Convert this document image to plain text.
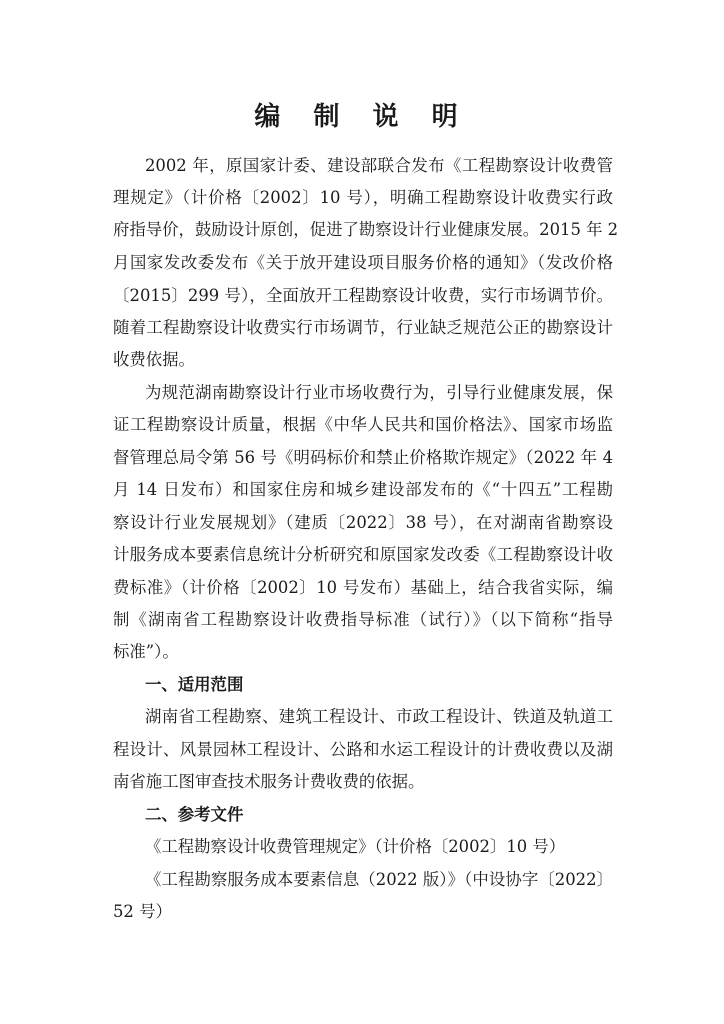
编 制 说 明
2002 年，原国家计委、建设部联合发布《工程勘察设计收费管
理规定》（计价格〔2002〕10 号），明确工程勘察设计收费实行政
府指导价，鼓励设计原创，促进了勘察设计行业健康发展。2015 年 2
月国家发改委发布《关于放开建设项目服务价格的通知》（发改价格
〔2015〕299 号），全面放开工程勘察设计收费，实行市场调节价。
随着工程勘察设计收费实行市场调节，行业缺乏规范公正的勘察设计
收费依据。
为规范湖南勘察设计行业市场收费行为，引导行业健康发展，保
证工程勘察设计质量，根据《中华人民共和国价格法》、国家市场监
督管理总局令第 56 号《明码标价和禁止价格欺诈规定》（2022 年 4
月 14 日发布）和国家住房和城乡建设部发布的《“十四五”工程勘
察设计行业发展规划》（建质〔2022〕38 号），在对湖南省勘察设
计服务成本要素信息统计分析研究和原国家发改委《工程勘察设计收
费标准》（计价格〔2002〕10 号发布）基础上，结合我省实际，编
制《湖南省工程勘察设计收费指导标准（试行）》（以下简称“指导
标准”）。
一、适用范围
湖南省工程勘察、建筑工程设计、市政工程设计、铁道及轨道工
程设计、风景园林工程设计、公路和水运工程设计的计费收费以及湖
南省施工图审查技术服务计费收费的依据。
二、参考文件
《工程勘察设计收费管理规定》（计价格〔2002〕10 号）
《工程勘察服务成本要素信息（2022 版）》（中设协字〔2022〕
52 号）
